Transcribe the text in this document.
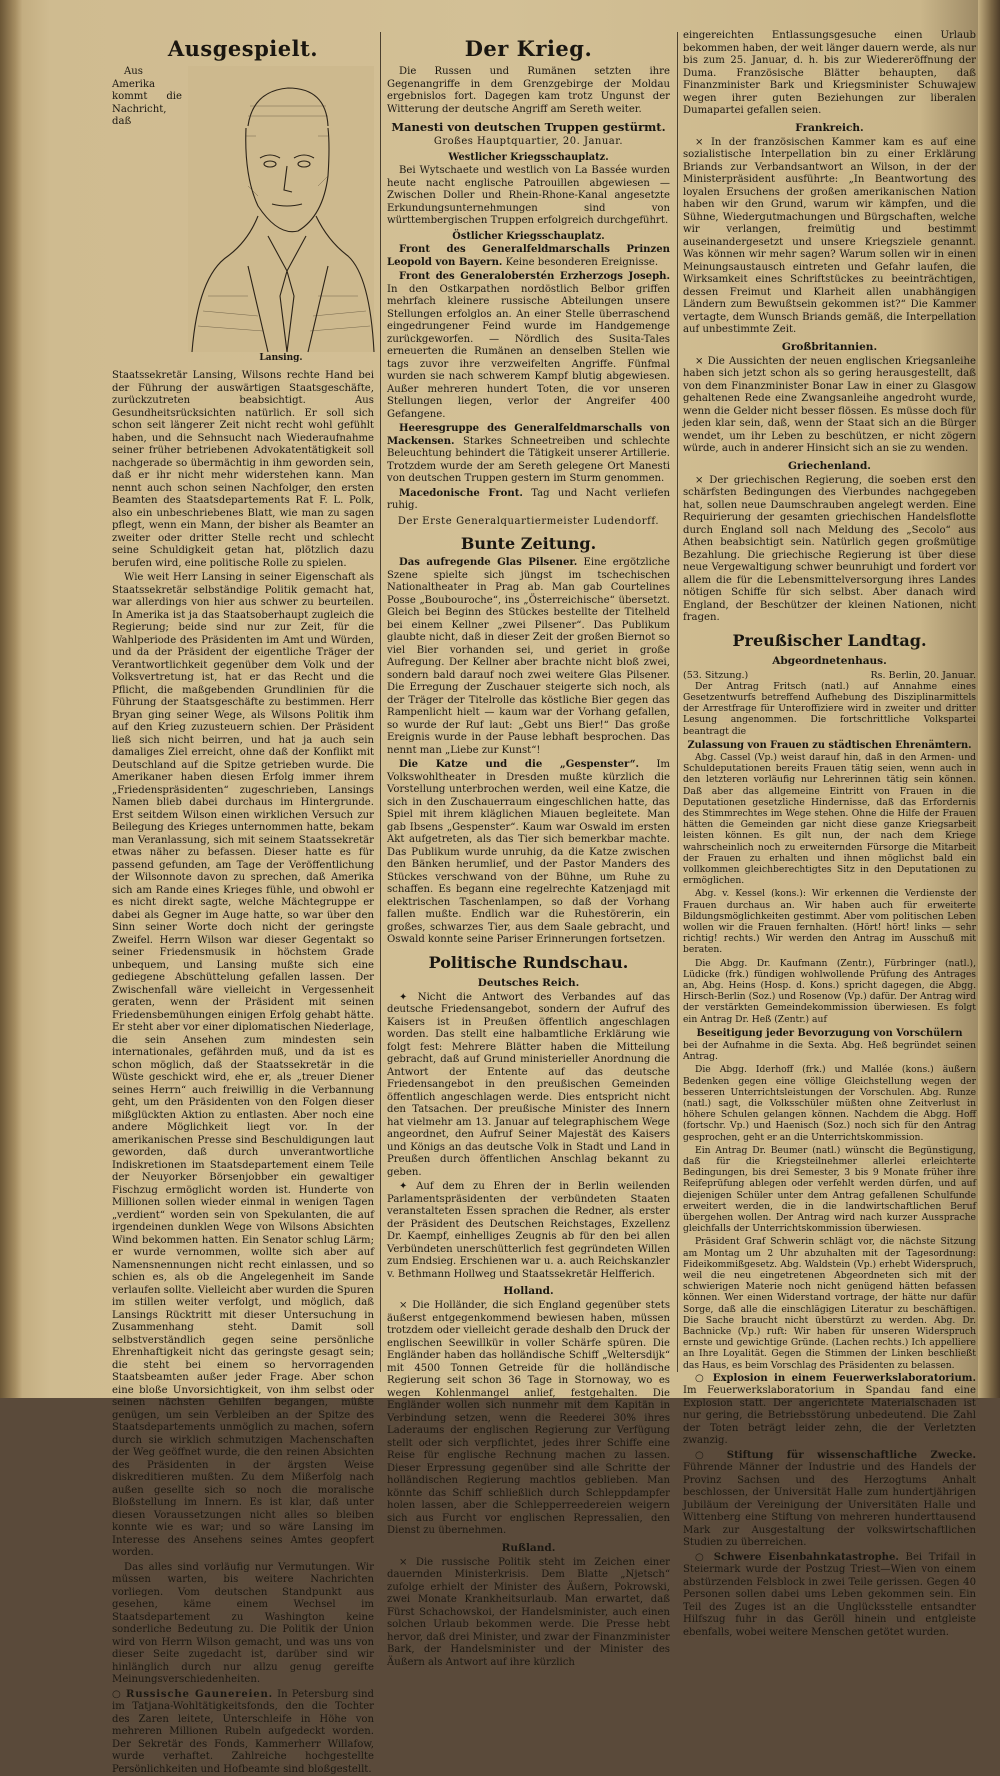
Ausgespielt.
Lansing.

Aus Amerika kommt die Nachricht, daß Staatssekretär Lansing, Wilsons rechte Hand bei der Führung der auswärtigen Staatsgeschäfte, zurückzutreten beabsichtigt. Aus Gesundheitsrücksichten natürlich. Er soll sich schon seit längerer Zeit nicht recht wohl gefühlt haben, und die Sehnsucht nach Wiederaufnahme seiner früher betriebenen Advokatentätigkeit soll nachgerade so übermächtig in ihm geworden sein, daß er ihr nicht mehr widerstehen kann. Man nennt auch schon seinen Nachfolger, den ersten Beamten des Staatsdepartements Rat F. L. Polk, also ein unbeschriebenes Blatt, wie man zu sagen pflegt, wenn ein Mann, der bisher als Beamter an zweiter oder dritter Stelle recht und schlecht seine Schuldigkeit getan hat, plötzlich dazu berufen wird, eine politische Rolle zu spielen.

Wie weit Herr Lansing in seiner Eigenschaft als Staatssekretär selbständige Politik gemacht hat, war allerdings von hier aus schwer zu beurteilen. In Amerika ist ja das Staatsoberhaupt zugleich die Regierung; beide sind nur zur Zeit, für die Wahlperiode des Präsidenten im Amt und Würden, und da der Präsident der eigentliche Träger der Verantwortlichkeit gegenüber dem Volk und der Volksvertretung ist, hat er das Recht und die Pflicht, die maßgebenden Grundlinien für die Führung der Staatsgeschäfte zu bestimmen. Herr Bryan ging seiner Wege, als Wilsons Politik ihm auf den Krieg zuzusteuern schien. Der Präsident ließ sich nicht beirren, und hat ja auch sein damaliges Ziel erreicht, ohne daß der Konflikt mit Deutschland auf die Spitze getrieben wurde. Die Amerikaner haben diesen Erfolg immer ihrem „Friedenspräsidenten“ zugeschrieben, Lansings Namen blieb dabei durchaus im Hintergrunde. Erst seitdem Wilson einen wirklichen Versuch zur Beilegung des Krieges unternommen hatte, bekam man Veranlassung, sich mit seinem Staatssekretär etwas näher zu befassen. Dieser hatte es für passend gefunden, am Tage der Veröffentlichung der Wilsonnote davon zu sprechen, daß Amerika sich am Rande eines Krieges fühle, und obwohl er es nicht direkt sagte, welche Mächtegruppe er dabei als Gegner im Auge hatte, so war über den Sinn seiner Worte doch nicht der geringste Zweifel. Herrn Wilson war dieser Gegentakt so seiner Friedensmusik in höchstem Grade unbequem, und Lansing mußte sich eine gediegene Abschüttelung gefallen lassen. Der Zwischenfall wäre vielleicht in Vergessenheit geraten, wenn der Präsident mit seinen Friedensbemühungen einigen Erfolg gehabt hätte. Er steht aber vor einer diplomatischen Niederlage, die sein Ansehen zum mindesten sein internationales, gefährden muß, und da ist es schon möglich, daß der Staatssekretär in die Wüste geschickt wird, ehe er, als „treuer Diener seines Herrn“ auch freiwillig in die Verbannung geht, um den Präsidenten von den Folgen dieser mißglückten Aktion zu entlasten. Aber noch eine andere Möglichkeit liegt vor. In der amerikanischen Presse sind Beschuldigungen laut geworden, daß durch unverantwortliche Indiskretionen im Staatsdepartement einem Teile der Neuyorker Börsenjobber ein gewaltiger Fischzug ermöglicht worden ist. Hunderte von Millionen sollen wieder einmal in wenigen Tagen „verdient“ worden sein von Spekulanten, die auf irgendeinen dunklen Wege von Wilsons Absichten Wind bekommen hatten. Ein Senator schlug Lärm; er wurde vernommen, wollte sich aber auf Namensnennungen nicht recht einlassen, und so schien es, als ob die Angelegenheit im Sande verlaufen sollte. Vielleicht aber wurden die Spuren im stillen weiter verfolgt, und möglich, daß Lansings Rücktritt mit dieser Untersuchung in Zusammenhang steht. Damit soll selbstverständlich gegen seine persönliche Ehrenhaftigkeit nicht das geringste gesagt sein; die steht bei einem so hervorragenden Staatsbeamten außer jeder Frage. Aber schon eine bloße Unvorsichtigkeit, von ihm selbst oder seinen nächsten Gehilfen begangen, müßte genügen, um sein Verbleiben an der Spitze des Staatsdepartements unmöglich zu machen, sofern durch sie wirklich schmutzigen Machenschaften der Weg geöffnet wurde, die den reinen Absichten des Präsidenten in der ärgsten Weise diskreditieren mußten. Zu dem Mißerfolg nach außen gesellte sich so noch die moralische Bloßstellung im Innern. Es ist klar, daß unter diesen Voraussetzungen nicht alles so bleiben konnte wie es war; und so wäre Lansing im Interesse des Ansehens seines Amtes geopfert worden.

Das alles sind vorläufig nur Vermutungen. Wir müssen warten, bis weitere Nachrichten vorliegen. Vom deutschen Standpunkt aus gesehen, käme einem Wechsel im Staatsdepartement zu Washington keine sonderliche Bedeutung zu. Die Politik der Union wird von Herrn Wilson gemacht, und was uns von dieser Seite zugedacht ist, darüber sind wir hinlänglich durch nur allzu genug gereifte Meinungsverschiedenheiten.

○ Russische Gaunereien. In Petersburg sind im Tatjana-Wohltätigkeitsfonds, den die Tochter des Zaren leitete, Unterschleife in Höhe von mehreren Millionen Rubeln aufgedeckt worden. Der Sekretär des Fonds, Kammerherr Willafow, wurde verhaftet. Zahlreiche hochgestellte Persönlichkeiten und Hofbeamte sind bloßgestellt.

Der Krieg.

Die Russen und Rumänen setzten ihre Gegenangriffe in dem Grenzgebirge der Moldau ergebnislos fort. Dagegen kam trotz Ungunst der Witterung der deutsche Angriff am Sereth weiter.

Manesti von deutschen Truppen gestürmt.
Großes Hauptquartier, 20. Januar.
Westlicher Kriegsschauplatz.

Bei Wytschaete und westlich von La Bassée wurden heute nacht englische Patrouillen abgewiesen — Zwischen Doller und Rhein-Rhone-Kanal angesetzte Erkundungsunternehmungen sind von württembergischen Truppen erfolgreich durchgeführt.

Östlicher Kriegsschauplatz.

Front des Generalfeldmarschalls Prinzen Leopold von Bayern. Keine besonderen Ereignisse.

Front des Generaloberstén Erzherzogs Joseph. In den Ostkarpathen nordöstlich Belbor griffen mehrfach kleinere russische Abteilungen unsere Stellungen erfolglos an. An einer Stelle überraschend eingedrungener Feind wurde im Handgemenge zurückgeworfen. — Nördlich des Susita-Tales erneuerten die Rumänen an denselben Stellen wie tags zuvor ihre verzweifelten Angriffe. Fünfmal wurden sie nach schwerem Kampf blutig abgewiesen. Außer mehreren hundert Toten, die vor unseren Stellungen liegen, verlor der Angreifer 400 Gefangene.

Heeresgruppe des Generalfeldmarschalls von Mackensen. Starkes Schneetreiben und schlechte Beleuchtung behindert die Tätigkeit unserer Artillerie. Trotzdem wurde der am Sereth gelegene Ort Manesti von deutschen Truppen gestern im Sturm genommen.

Macedonische Front. Tag und Nacht verliefen ruhig.

Der Erste Generalquartiermeister Ludendorff.
Bunte Zeitung.

Das aufregende Glas Pilsener. Eine ergötzliche Szene spielte sich jüngst im tschechischen Nationaltheater in Prag ab. Man gab Courtelines Posse „Boubouroche“, ins „Österreichische“ übersetzt. Gleich bei Beginn des Stückes bestellte der Titelheld bei einem Kellner „zwei Pilsener“. Das Publikum glaubte nicht, daß in dieser Zeit der großen Biernot so viel Bier vorhanden sei, und geriet in große Aufregung. Der Kellner aber brachte nicht bloß zwei, sondern bald darauf noch zwei weitere Glas Pilsener. Die Erregung der Zuschauer steigerte sich noch, als der Träger der Titelrolle das köstliche Bier gegen das Rampenlicht hielt — kaum war der Vorhang gefallen, so wurde der Ruf laut: „Gebt uns Bier!“ Das große Ereignis wurde in der Pause lebhaft besprochen. Das nennt man „Liebe zur Kunst“!

Die Katze und die „Gespenster“. Im Volkswohltheater in Dresden mußte kürzlich die Vorstellung unterbrochen werden, weil eine Katze, die sich in den Zuschauerraum eingeschlichen hatte, das Spiel mit ihrem kläglichen Miauen begleitete. Man gab Ibsens „Gespenster“. Kaum war Oswald im ersten Akt aufgetreten, als das Tier sich bemerkbar machte. Das Publikum wurde unruhig, da die Katze zwischen den Bänken herumlief, und der Pastor Manders des Stückes verschwand von der Bühne, um Ruhe zu schaffen. Es begann eine regelrechte Katzenjagd mit elektrischen Taschenlampen, so daß der Vorhang fallen mußte. Endlich war die Ruhestörerin, ein großes, schwarzes Tier, aus dem Saale gebracht, und Oswald konnte seine Pariser Erinnerungen fortsetzen.

Politische Rundschau.
Deutsches Reich.

✦ Nicht die Antwort des Verbandes auf das deutsche Friedensangebot, sondern der Aufruf des Kaisers ist in Preußen öffentlich angeschlagen worden. Das stellt eine halbamtliche Erklärung wie folgt fest: Mehrere Blätter haben die Mitteilung gebracht, daß auf Grund ministerieller Anordnung die Antwort der Entente auf das deutsche Friedensangebot in den preußischen Gemeinden öffentlich angeschlagen werde. Dies entspricht nicht den Tatsachen. Der preußische Minister des Innern hat vielmehr am 13. Januar auf telegraphischem Wege angeordnet, den Aufruf Seiner Majestät des Kaisers und Königs an das deutsche Volk in Stadt und Land in Preußen durch öffentlichen Anschlag bekannt zu geben.

✦ Auf dem zu Ehren der in Berlin weilenden Parlamentspräsidenten der verbündeten Staaten veranstalteten Essen sprachen die Redner, als erster der Präsident des Deutschen Reichstages, Exzellenz Dr. Kaempf, einhelliges Zeugnis ab für den bei allen Verbündeten unerschütterlich fest gegründeten Willen zum Endsieg. Erschienen war u. a. auch Reichskanzler v. Bethmann Hollweg und Staatssekretär Helfferich.

Holland.

× Die Holländer, die sich England gegenüber stets äußerst entgegenkommend bewiesen haben, müssen trotzdem oder vielleicht gerade deshalb den Druck der englischen Seewillkür in voller Schärfe spüren. Die Engländer haben das holländische Schiff „Weltersdijk“ mit 4500 Tonnen Getreide für die holländische Regierung seit schon 36 Tage in Stornoway, wo es wegen Kohlenmangel anlief, festgehalten. Die Engländer wollen sich nunmehr mit dem Kapitän in Verbindung setzen, wenn die Reederei 30% ihres Laderaums der englischen Regierung zur Verfügung stellt oder sich verpflichtet, jedes ihrer Schiffe eine Reise für englische Rechnung machen zu lassen. Dieser Erpressung gegenüber sind alle Schritte der holländischen Regierung machtlos geblieben. Man könnte das Schiff schließlich durch Schleppdampfer holen lassen, aber die Schlepperreedereien weigern sich aus Furcht vor englischen Repressalien, den Dienst zu übernehmen.

Rußland.

× Die russische Politik steht im Zeichen einer dauernden Ministerkrisis. Dem Blatte „Njetsch“ zufolge erhielt der Minister des Äußern, Pokrowski, zwei Monate Krankheitsurlaub. Man erwartet, daß Fürst Schachowskoi, der Handelsminister, auch einen solchen Urlaub bekommen werde. Die Presse hebt hervor, daß drei Minister, und zwar der Finanzminister Bark, der Handelsminister und der Minister des Äußern als Antwort auf ihre kürzlich

eingereichten Entlassungsgesuche einen Urlaub bekommen haben, der weit länger dauern werde, als nur bis zum 25. Januar, d. h. bis zur Wiedereröffnung der Duma. Französische Blätter behaupten, daß Finanzminister Bark und Kriegsminister Schuwajew wegen ihrer guten Beziehungen zur liberalen Dumapartei gefallen seien.

Frankreich.

× In der französischen Kammer kam es auf eine sozialistische Interpellation bin zu einer Erklärung Briands zur Verbandsantwort an Wilson, in der der Ministerpräsident ausführte: „In Beantwortung des loyalen Ersuchens der großen amerikanischen Nation haben wir den Grund, warum wir kämpfen, und die Sühne, Wiedergutmachungen und Bürgschaften, welche wir verlangen, freimütig und bestimmt auseinandergesetzt und unsere Kriegsziele genannt. Was können wir mehr sagen? Warum sollen wir in einen Meinungsaustausch eintreten und Gefahr laufen, die Wirksamkeit eines Schriftstückes zu beeinträchtigen, dessen Freimut und Klarheit allen unabhängigen Ländern zum Bewußtsein gekommen ist?“ Die Kammer vertagte, dem Wunsch Briands gemäß, die Interpellation auf unbestimmte Zeit.

Großbritannien.

× Die Aussichten der neuen englischen Kriegsanleihe haben sich jetzt schon als so gering herausgestellt, daß von dem Finanzminister Bonar Law in einer zu Glasgow gehaltenen Rede eine Zwangsanleihe angedroht wurde, wenn die Gelder nicht besser flössen. Es müsse doch für jeden klar sein, daß, wenn der Staat sich an die Bürger wendet, um ihr Leben zu beschützen, er nicht zögern würde, auch in anderer Hinsicht sich an sie zu wenden.

Griechenland.

× Der griechischen Regierung, die soeben erst den schärfsten Bedingungen des Vierbundes nachgegeben hat, sollen neue Daumschrauben angelegt werden. Eine Requirierung der gesamten griechischen Handelsflotte durch England soll nach Meldung des „Secolo“ aus Athen beabsichtigt sein. Natürlich gegen großmütige Bezahlung. Die griechische Regierung ist über diese neue Vergewaltigung schwer beunruhigt und fordert vor allem die für die Lebensmittelversorgung ihres Landes nötigen Schiffe für sich selbst. Aber danach wird England, der Beschützer der kleinen Nationen, nicht fragen.

Preußischer Landtag.
Abgeordnetenhaus.
(53. Sitzung.)	Rs. Berlin, 20. Januar.

Der Antrag Fritsch (natl.) auf Annahme eines Gesetzentwurfs betreffend Aufhebung des Disziplinarmittels der Arrestfrage für Unteroffiziere wird in zweiter und dritter Lesung angenommen. Die fortschrittliche Volkspartei beantragt die

Zulassung von Frauen zu städtischen Ehrenämtern.

Abg. Cassel (Vp.) weist darauf hin, daß in den Armen- und Schuldeputationen bereits Frauen tätig seien, wenn auch in den letzteren vorläufig nur Lehrerinnen tätig sein können. Daß aber das allgemeine Eintritt von Frauen in die Deputationen gesetzliche Hindernisse, daß das Erfordernis des Stimmrechtes im Wege stehen. Ohne die Hilfe der Frauen hätten die Gemeinden gar nicht diese ganze Kriegsarbeit leisten können. Es gilt nun, der nach dem Kriege wahrscheinlich noch zu erweiternden Fürsorge die Mitarbeit der Frauen zu erhalten und ihnen möglichst bald ein vollkommen gleichberechtigtes Sitz in den Deputationen zu ermöglichen.

Abg. v. Kessel (kons.): Wir erkennen die Verdienste der Frauen durchaus an. Wir haben auch für erweiterte Bildungsmöglichkeiten gestimmt. Aber vom politischen Leben wollen wir die Frauen fernhalten. (Hört! hört! links — sehr richtig! rechts.) Wir werden den Antrag im Ausschuß mit beraten.

Die Abgg. Dr. Kaufmann (Zentr.), Fürbringer (natl.), Lüdicke (frk.) fündigen wohlwollende Prüfung des Antrages an, Abg. Heins (Hosp. d. Kons.) spricht dagegen, die Abgg. Hirsch-Berlin (Soz.) und Rosenow (Vp.) dafür. Der Antrag wird der verstärkten Gemeindekommission überwiesen. Es folgt ein Antrag Dr. Heß (Zentr.) auf

Beseitigung jeder Bevorzugung von Vorschülern

bei der Aufnahme in die Sexta. Abg. Heß begründet seinen Antrag.

Die Abgg. Iderhoff (frk.) und Mallée (kons.) äußern Bedenken gegen eine völlige Gleichstellung wegen der besseren Unterrichtsleistungen der Vorschulen. Abg. Runze (natl.) sagt, die Volksschüler müßten ohne Zeitverlust in höhere Schulen gelangen können. Nachdem die Abgg. Hoff (fortschr. Vp.) und Haenisch (Soz.) noch sich für den Antrag gesprochen, geht er an die Unterrichtskommission.

Ein Antrag Dr. Beumer (natl.) wünscht die Begünstigung, daß für die Kriegsteilnehmer allerlei erleichterte Bedingungen, bis drei Semester, 3 bis 9 Monate früher ihre Reifeprüfung ablegen oder verfehlt werden dürfen, und auf diejenigen Schüler unter dem Antrag gefallenen Schulfunde erweitert werden, die in die landwirtschaftlichen Beruf übergehen wollen. Der Antrag wird nach kurzer Aussprache gleichfalls der Unterrichtskommission überwiesen.

Präsident Graf Schwerin schlägt vor, die nächste Sitzung am Montag um 2 Uhr abzuhalten mit der Tagesordnung: Fideikommißgesetz. Abg. Waldstein (Vp.) erhebt Widerspruch, weil die neu eingetretenen Abgeordneten sich mit der schwierigen Materie noch nicht genügend hätten befassen können. Wer einen Widerstand vortrage, der hätte nur dafür Sorge, daß alle die einschlägigen Literatur zu beschäftigen. Die Sache braucht nicht überstürzt zu werden. Abg. Dr. Bachnicke (Vp.) ruft: Wir haben für unseren Widerspruch ernste und gewichtige Gründe. (Lachen rechts.) Ich appelliere an Ihre Loyalität. Gegen die Stimmen der Linken beschließt das Haus, es beim Vorschlag des Präsidenten zu belassen.

○ Explosion in einem Feuerwerkslaboratorium. Im Feuerwerkslaboratorium in Spandau fand eine Explosion statt. Der angerichtete Materialschaden ist nur gering, die Betriebsstörung unbedeutend. Die Zahl der Toten beträgt leider zehn, die der Verletzten zwanzig.

○ Stiftung für wissenschaftliche Zwecke. Führende Männer der Industrie und des Handels der Provinz Sachsen und des Herzogtums Anhalt beschlossen, der Universität Halle zum hundertjährigen Jubiläum der Vereinigung der Universitäten Halle und Wittenberg eine Stiftung von mehreren hunderttausend Mark zur Ausgestaltung der volkswirtschaftlichen Studien zu überreichen.

○ Schwere Eisenbahnkatastrophe. Bei Trifail in Steiermark wurde der Postzug Triest—Wien von einem abstürzenden Felsblock in zwei Teile gerissen. Gegen 40 Personen sollen dabei ums Leben gekommen sein. Ein Teil des Zuges ist an die Unglücksstelle entsandter Hilfszug fuhr in das Geröll hinein und entgleiste ebenfalls, wobei weitere Menschen getötet wurden.
